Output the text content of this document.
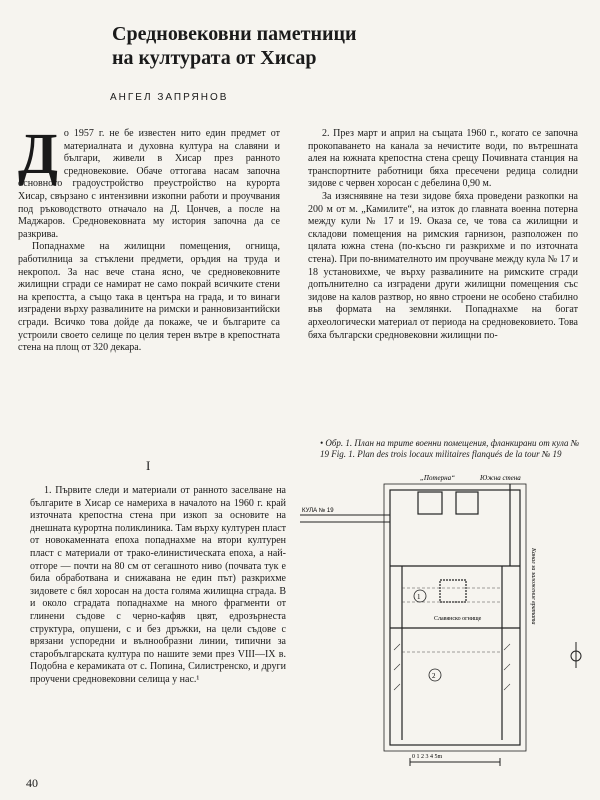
Средновековни паметници
на културата от Хисар
АНГЕЛ ЗАПРЯНОВ
Д о 1957 г. не бе известен нито един предмет от материалната и духовна култура на славяни и българи, живели в Хисар през ранното средновековие. Обаче оттогава насам започна основното градоустройство преустройство на курорта Хисар, свързано с интензивни изкопни работи и проучвания под ръководството отначало на Д. Цончев, а после на Маджаров. Средновековната му история започна да се разкрива.

Попаднахме на жилищни помещения, огнища, работилница за стъклени предмети, оръдия на труда и некропол. За нас вече стана ясно, че средновековните жилищни сгради се намират не само покрай всичките стени на крепостта, а също така в центъра на града, и то винаги изградени върху развалините на римски и ранновизантийски сгради. Всичко това дойде да покаже, че и българите са устроили своето селище по целия терен вътре в крепостната стена на площ от 320 декара.

2. През март и април на същата 1960 г., когато се започна прокопаването на канала за нечистите води, по вътрешната алея на южната крепостна стена срещу Почивната станция на транспортните работници бяха пресечени редица солидни зидове с червен хоросан с дебелина 0,90 м.

За изяснявяне на тези зидове бяха проведени разкопки на 200 м от м. „Камилите“, на изток до главната военна потерна между кули № 17 и 19. Оказа се, че това са жилищни и складови помещения на римския гарнизон, разположен по цялата южна стена (по-късно ги разкрихме и по източната стена). При по-внимателното им проучване между кула № 17 и 18 установихме, че върху развалините на римските сгради допълнително са изградени други жилищни помещения със зидове на калов разтвор, но явно строени не особено стабилно във формата на землянки. Попаднахме на богат археологически материал от периода на средновековието. Това бяха български средновековни жилищни по-

• Обр. 1. План на трите военни помещения, фланкирани от кула № 19 Fig. 1. Plan des trois locaux militaires flanqués de la tour № 19
I

1. Първите следи и материали от ранното заселване на българите в Хисар се намериха в началото на 1960 г. край източната крепостна стена при изкоп за основите на днешната курортна поликлиника. Там върху културен пласт от новокаменната епоха попаднахме на втори културен пласт с материали от тракo-елинистическата епоха, а най-отгоре — почти на 80 см от сегашното ниво (почвата тук е била обработвана и снижавана не един път) разкрихме зидовете с бял хоросан на доста голяма жилищна сграда. В и около сградата попаднахме на много фрагменти от глинени съдове с черно-кафяв цвят, едрозърнеста структура, опушени, с и без дръжки, на цели съдове с врязани успоредни и вълнообразни линии, типични за старобългарската култура по нашите земи през VIII—IX в. Подобна е керамиката от с. Попина, Силистренско, и други проучени средновековни селища у нас.¹

„Потерна“	Южна стена
КУЛА № 19
Канал за заложение вратата
Славянско огнище
1
2
0 1 2 3 4 5m
40
